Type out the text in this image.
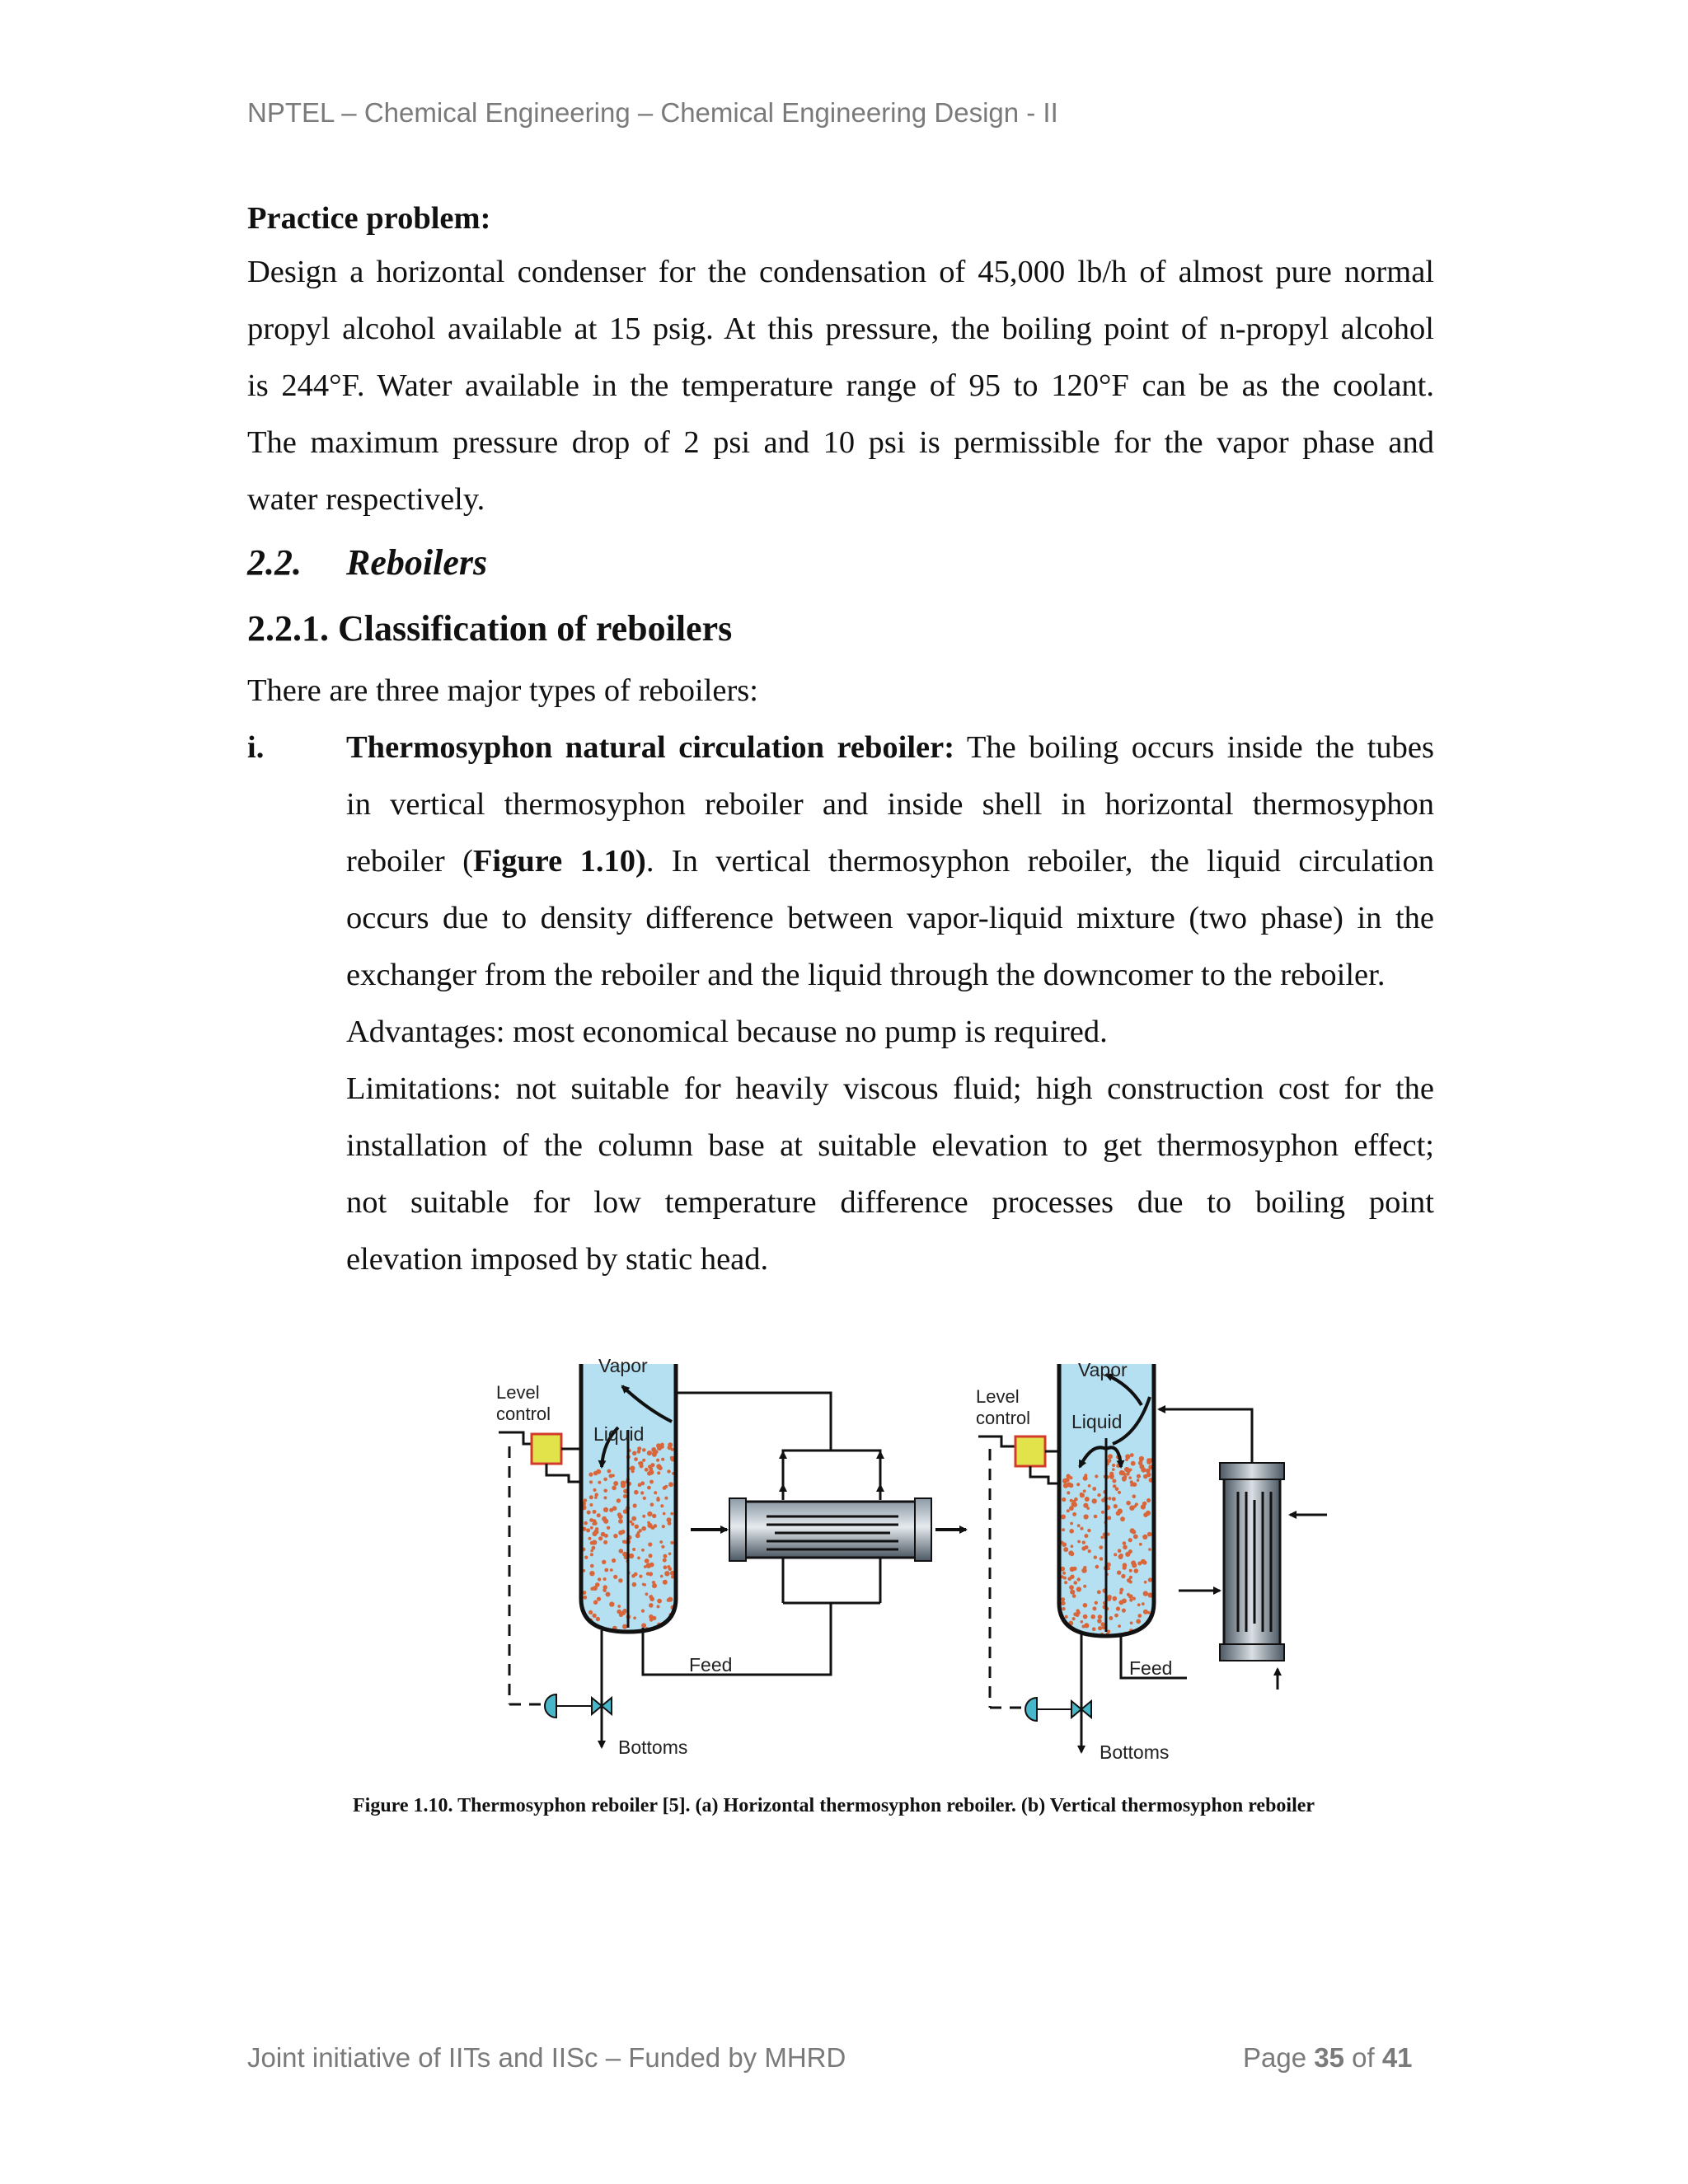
NPTEL – Chemical Engineering – Chemical Engineering Design - II
Practice problem:
Design a horizontal condenser for the condensation of 45,000 lb/h of almost pure normal
propyl alcohol available at 15 psig. At this pressure, the boiling point of n-propyl alcohol
is 244°F. Water available in the temperature range of 95 to 120°F can be as the coolant.
The maximum pressure drop of 2 psi and 10 psi is permissible for the vapor phase and
water respectively.
2.2. Reboilers
2.2.1. Classification of reboilers
There are three major types of reboilers:
i.	Thermosyphon natural circulation reboiler: The boiling occurs inside the tubes
in vertical thermosyphon reboiler and inside shell in horizontal thermosyphon
reboiler (Figure 1.10). In vertical thermosyphon reboiler, the liquid circulation
occurs due to density difference between vapor-liquid mixture (two phase) in the
exchanger from the reboiler and the liquid through the downcomer to the reboiler.
Advantages: most economical because no pump is required.
Limitations: not suitable for heavily viscous fluid; high construction cost for the
installation of the column base at suitable elevation to get thermosyphon effect;
not suitable for low temperature difference processes due to boiling point
elevation imposed by static head.
Vapor
Liquid
Level
control
Bottoms
Feed
Vapor
Liquid
Level
control
Bottoms
Feed
Figure 1.10. Thermosyphon reboiler [5]. (a) Horizontal thermosyphon reboiler. (b) Vertical thermosyphon reboiler
Joint initiative of IITs and IISc – Funded by MHRD	Page 35 of 41
